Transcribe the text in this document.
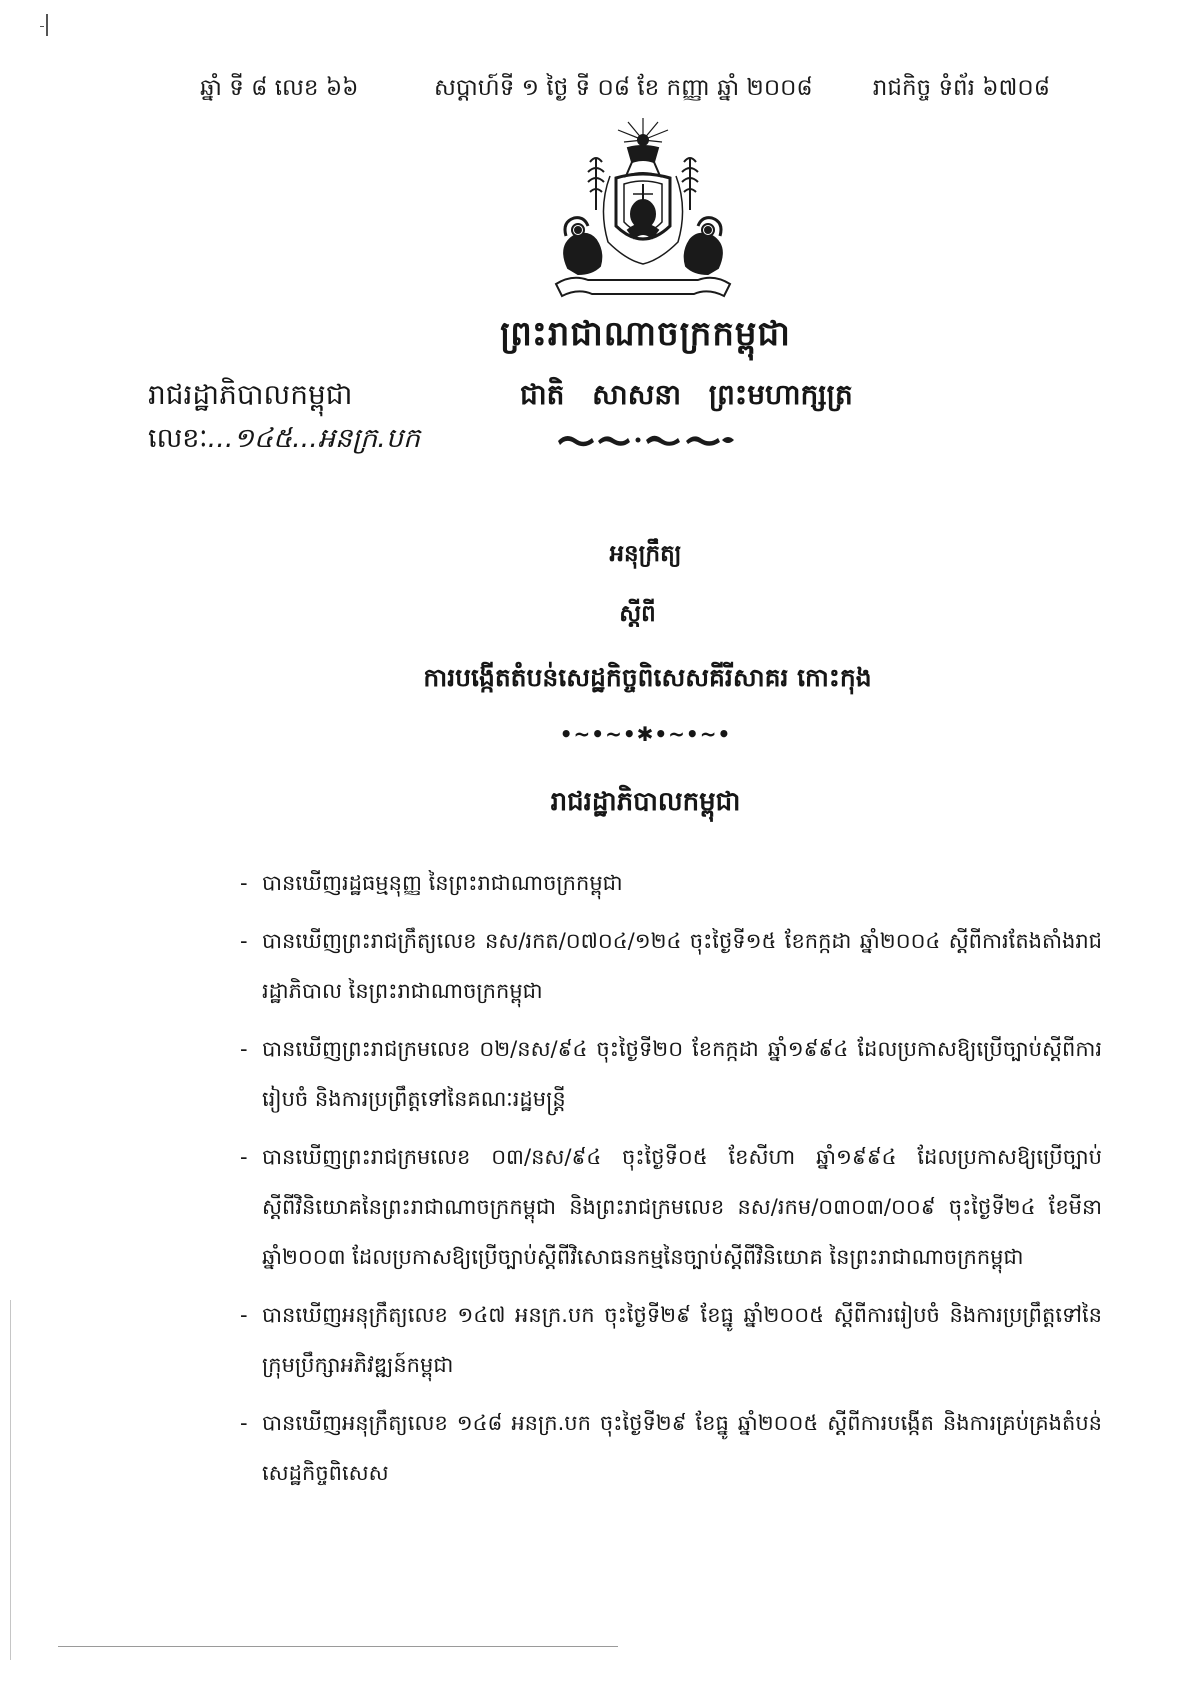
ឆ្នាំ ទី ៨ លេខ ៦៦	សប្តាហ៍ទី ១ ថ្ងៃ ទី ០៨ ខែ កញ្ញា ឆ្នាំ ២០០៨	រាជកិច្ច ទំព័រ ៦៧០៨
ព្រះរាជាណាចក្រកម្ពុជា
រាជរដ្ឋាភិបាលកម្ពុជា	ជាតិ សាសនា ព្រះមហាក្សត្រ
លេខៈ...១៤៥...អនក្រ.បក
អនុក្រឹត្យ
ស្តីពី
ការបង្កើតតំបន់សេដ្ឋកិច្ចពិសេសគីរីសាគរ កោះកុង
•~•~•✱•~•~•
រាជរដ្ឋាភិបាលកម្ពុជា
- បានឃើញរដ្ឋធម្មនុញ្ញ នៃព្រះរាជាណាចក្រកម្ពុជា
- បានឃើញព្រះរាជក្រឹត្យលេខ នស/រកត/០៧០៤/១២៤ ចុះថ្ងៃទី១៥ ខែកក្កដា ឆ្នាំ២០០៤ ស្តីពីការតែងតាំងរាជរដ្ឋាភិបាល នៃព្រះរាជាណាចក្រកម្ពុជា
- បានឃើញព្រះរាជក្រមលេខ ០២/នស/៩៤ ចុះថ្ងៃទី២០ ខែកក្កដា ឆ្នាំ១៩៩៤ ដែលប្រកាសឱ្យប្រើច្បាប់ស្តីពីការរៀបចំ និងការប្រព្រឹត្តទៅនៃគណៈរដ្ឋមន្ត្រី
- បានឃើញព្រះរាជក្រមលេខ ០៣/នស/៩៤ ចុះថ្ងៃទី០៥ ខែសីហា ឆ្នាំ១៩៩៤ ដែលប្រកាសឱ្យប្រើច្បាប់ស្តីពីវិនិយោគនៃព្រះរាជាណាចក្រកម្ពុជា និងព្រះរាជក្រមលេខ នស/រកម/០៣០៣/០០៩ ចុះថ្ងៃទី២៤ ខែមីនា ឆ្នាំ២០០៣ ដែលប្រកាសឱ្យប្រើច្បាប់ស្តីពីវិសោធនកម្មនៃច្បាប់ស្តីពីវិនិយោគ នៃព្រះរាជាណាចក្រកម្ពុជា
- បានឃើញអនុក្រឹត្យលេខ ១៤៧ អនក្រ.បក ចុះថ្ងៃទី២៩ ខែធ្នូ ឆ្នាំ២០០៥ ស្តីពីការរៀបចំ និងការប្រព្រឹត្តទៅនៃក្រុមប្រឹក្សាអភិវឌ្ឍន៍កម្ពុជា
- បានឃើញអនុក្រឹត្យលេខ ១៤៨ អនក្រ.បក ចុះថ្ងៃទី២៩ ខែធ្នូ ឆ្នាំ២០០៥ ស្តីពីការបង្កើត និងការគ្រប់គ្រងតំបន់សេដ្ឋកិច្ចពិសេស
